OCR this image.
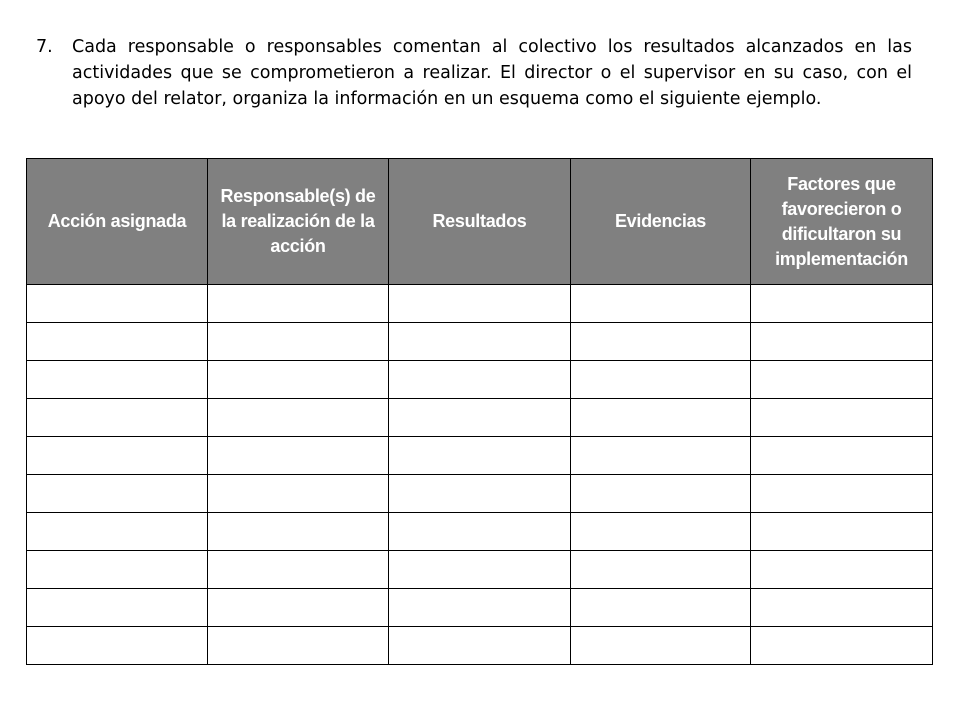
7.	Cada responsable o responsables comentan al colectivo los resultados alcanzados en las actividades que se comprometieron a realizar. El director o el supervisor en su caso, con el apoyo del relator, organiza la información en un esquema como el siguiente ejemplo.
Acción asignada	Responsable(s) de la realización de la acción	Resultados	Evidencias	Factores que favorecieron o dificultaron su implementación
